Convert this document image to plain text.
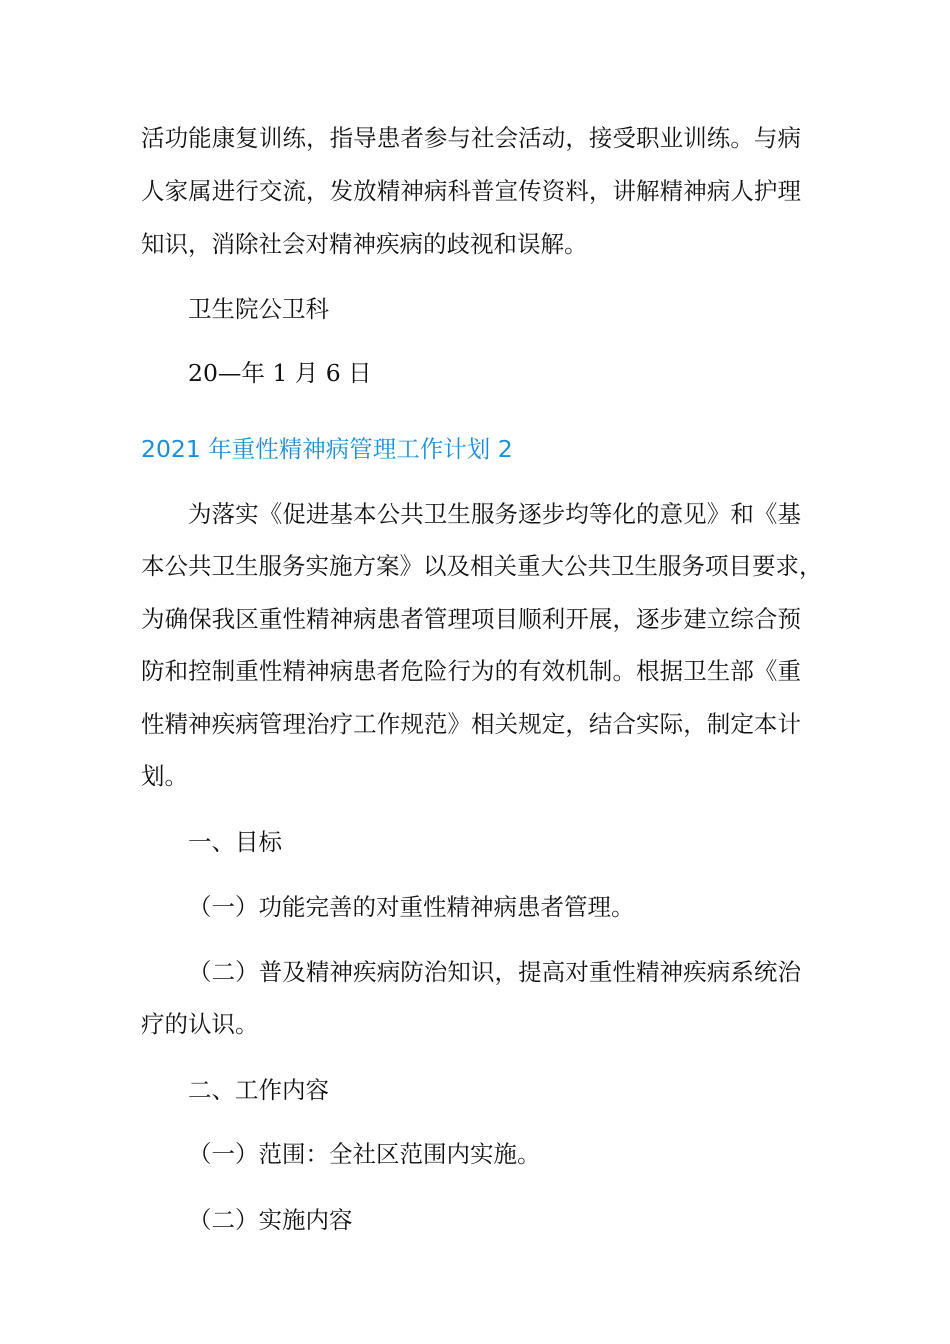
活功能康复训练，指导患者参与社会活动，接受职业训练。与病
人家属进行交流，发放精神病科普宣传资料，讲解精神病人护理
知识，消除社会对精神疾病的歧视和误解。
卫生院公卫科
20—年 1 月 6 日
2021 年重性精神病管理工作计划 2
为落实《促进基本公共卫生服务逐步均等化的意见》和《基
本公共卫生服务实施方案》以及相关重大公共卫生服务项目要求，
为确保我区重性精神病患者管理项目顺利开展，逐步建立综合预
防和控制重性精神病患者危险行为的有效机制。根据卫生部《重
性精神疾病管理治疗工作规范》相关规定，结合实际，制定本计
划。
一、目标
（一）功能完善的对重性精神病患者管理。
（二）普及精神疾病防治知识，提高对重性精神疾病系统治
疗的认识。
二、工作内容
（一）范围：全社区范围内实施。
（二）实施内容
